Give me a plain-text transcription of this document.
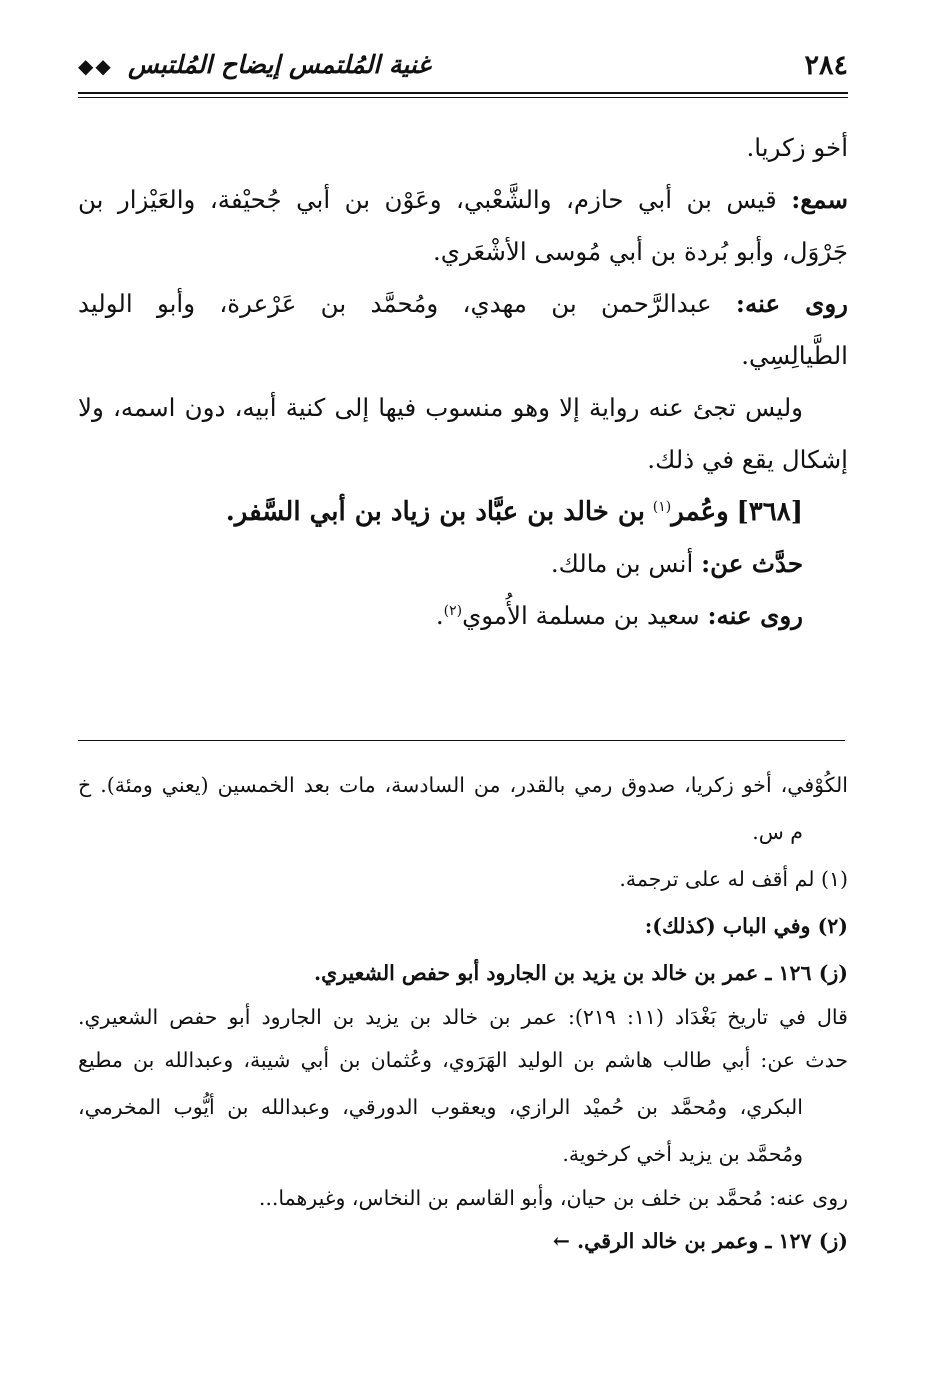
٢٨٤
غنية المُلتمس إيضاح المُلتبس
◆◆
أخو زكريا.
سمع: قيس بن أبي حازم، والشَّعْبي، وعَوْن بن أبي جُحيْفة، والعَيْزار بن
جَرْوَل، وأبو بُردة بن أبي مُوسى الأشْعَري.
روى عنه: عبدالرَّحمن بن مهدي، ومُحمَّد بن عَرْعرة، وأبو الوليد
الطَّيالِسِي.
وليس تجئ عنه رواية إلا وهو منسوب فيها إلى كنية أبيه، دون اسمه، ولا
إشكال يقع في ذلك.
[٣٦٨] وعُمر$^{(١)}$ بن خالد بن عبَّاد بن زياد بن أبي السَّفر.
حدَّث عن: أنس بن مالك.
روى عنه: سعيد بن مسلمة الأُموي$^{(٢)}$.
الكُوْفي، أخو زكريا، صدوق رمي بالقدر، من السادسة، مات بعد الخمسين (يعني ومئة). خ
م س.
(١) لم أقف له على ترجمة.
(٢) وفي الباب (كذلك):
(ز) ١٢٦ ـ عمر بن خالد بن يزيد بن الجارود أبو حفص الشعيري.
قال في تاريخ بَغْدَاد (١١: ٢١٩): عمر بن خالد بن يزيد بن الجارود أبو حفص الشعيري.
حدث عن: أبي طالب هاشم بن الوليد الهَرَوي، وعُثمان بن أبي شيبة، وعبدالله بن مطيع
البكري، ومُحمَّد بن حُميْد الرازي، ويعقوب الدورقي، وعبدالله بن أيُّوب المخرمي،
ومُحمَّد بن يزيد أخي كرخوية.
روى عنه: مُحمَّد بن خلف بن حيان، وأبو القاسم بن النخاس، وغيرهما...
(ز) ١٢٧ ـ وعمر بن خالد الرقي. ←
